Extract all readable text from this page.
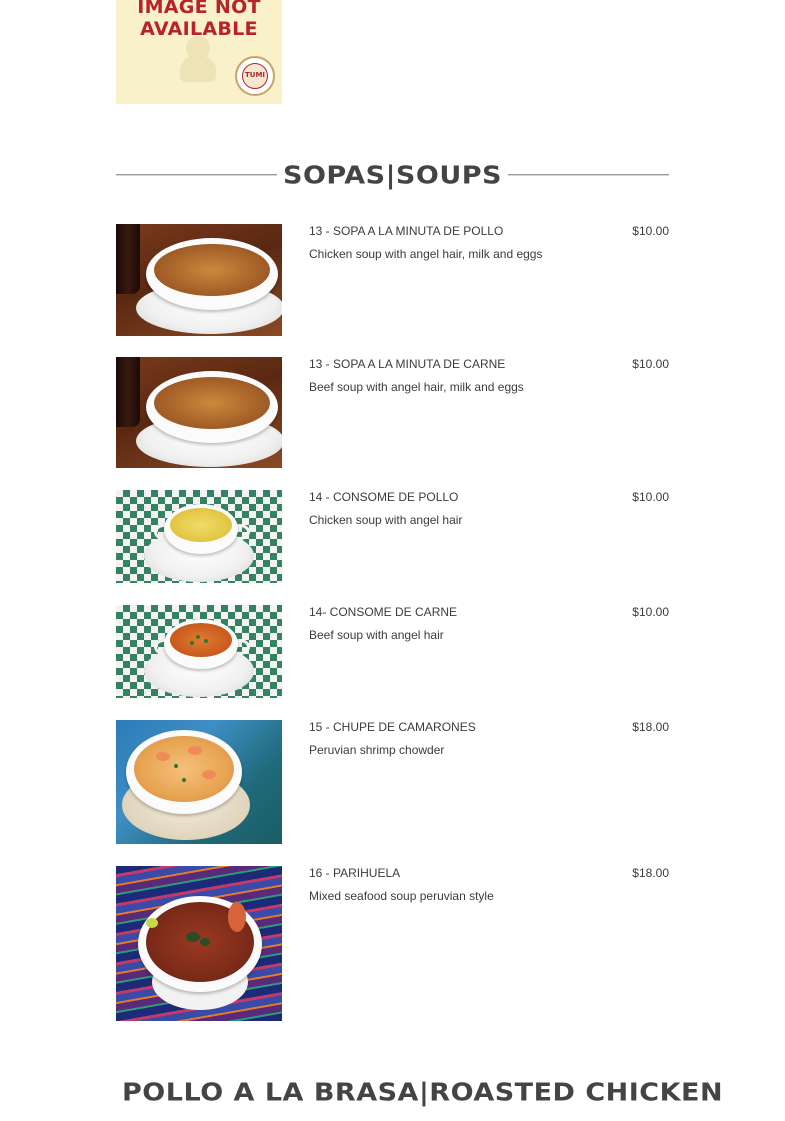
IMAGE NOT
AVAILABLE
TUMI
SOPAS|SOUPS
13 - SOPA A LA MINUTA DE POLLO	$10.00
Chicken soup with angel hair, milk and eggs
13 - SOPA A LA MINUTA DE CARNE	$10.00
Beef soup with angel hair, milk and eggs
14 - CONSOME DE POLLO	$10.00
Chicken soup with angel hair
14- CONSOME DE CARNE	$10.00
Beef soup with angel hair
15 - CHUPE DE CAMARONES	$18.00
Peruvian shrimp chowder
16 - PARIHUELA	$18.00
Mixed seafood soup peruvian style
POLLO A LA BRASA|ROASTED CHICKEN
